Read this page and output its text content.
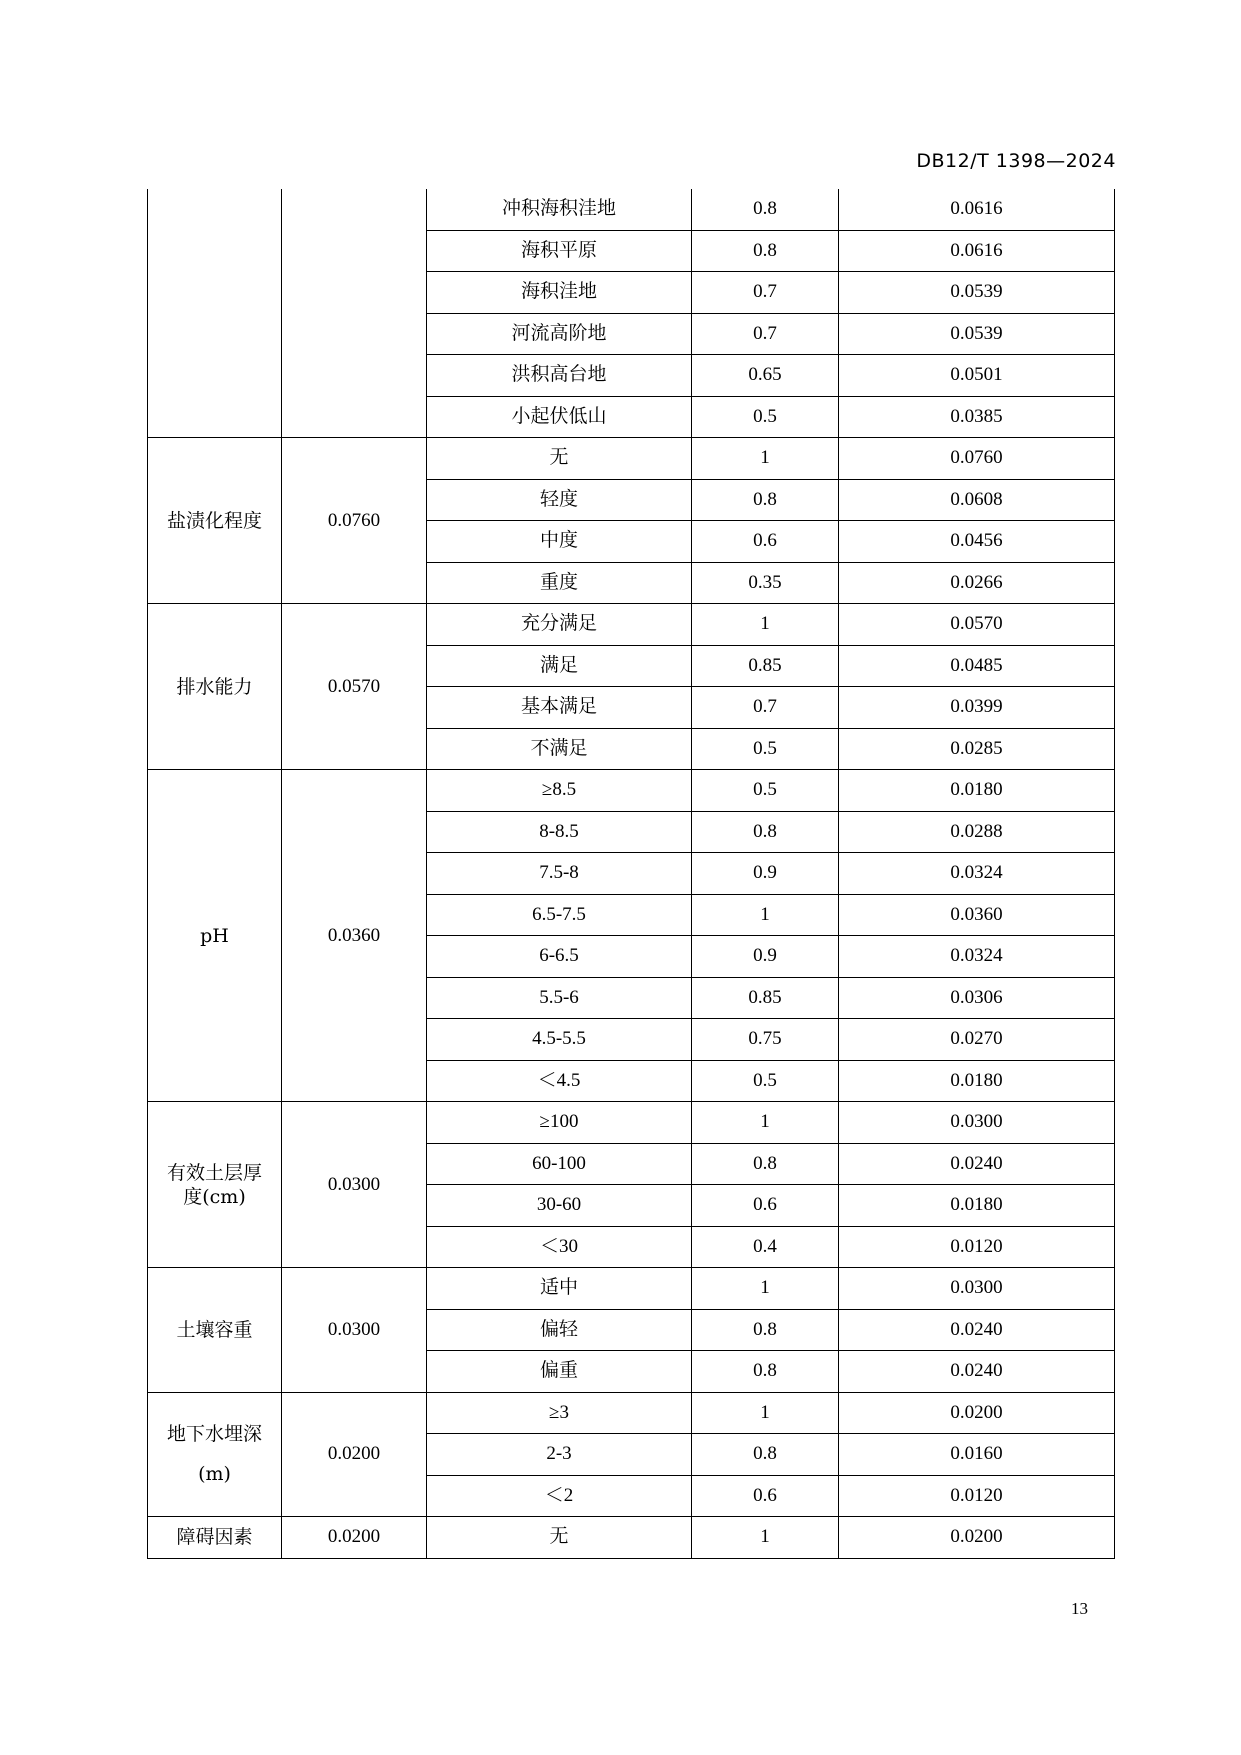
DB12/T 1398—2024
		冲积海积洼地	0.8	0.0616
		海积平原	0.8	0.0616
		海积洼地	0.7	0.0539
		河流高阶地	0.7	0.0539
		洪积高台地	0.65	0.0501
		小起伏低山	0.5	0.0385
盐渍化程度	0.0760	无	1	0.0760
		轻度	0.8	0.0608
		中度	0.6	0.0456
		重度	0.35	0.0266
排水能力	0.0570	充分满足	1	0.0570
		满足	0.85	0.0485
		基本满足	0.7	0.0399
		不满足	0.5	0.0285
pH	0.0360	≥8.5	0.5	0.0180
		8-8.5	0.8	0.0288
		7.5-8	0.9	0.0324
		6.5-7.5	1	0.0360
		6-6.5	0.9	0.0324
		5.5-6	0.85	0.0306
		4.5-5.5	0.75	0.0270
		＜4.5	0.5	0.0180
有效土层厚度(cm)	0.0300	≥100	1	0.0300
		60-100	0.8	0.0240
		30-60	0.6	0.0180
		＜30	0.4	0.0120
土壤容重	0.0300	适中	1	0.0300
		偏轻	0.8	0.0240
		偏重	0.8	0.0240
地下水埋深(m)	0.0200	≥3	1	0.0200
		2-3	0.8	0.0160
		＜2	0.6	0.0120
障碍因素	0.0200	无	1	0.0200
13
